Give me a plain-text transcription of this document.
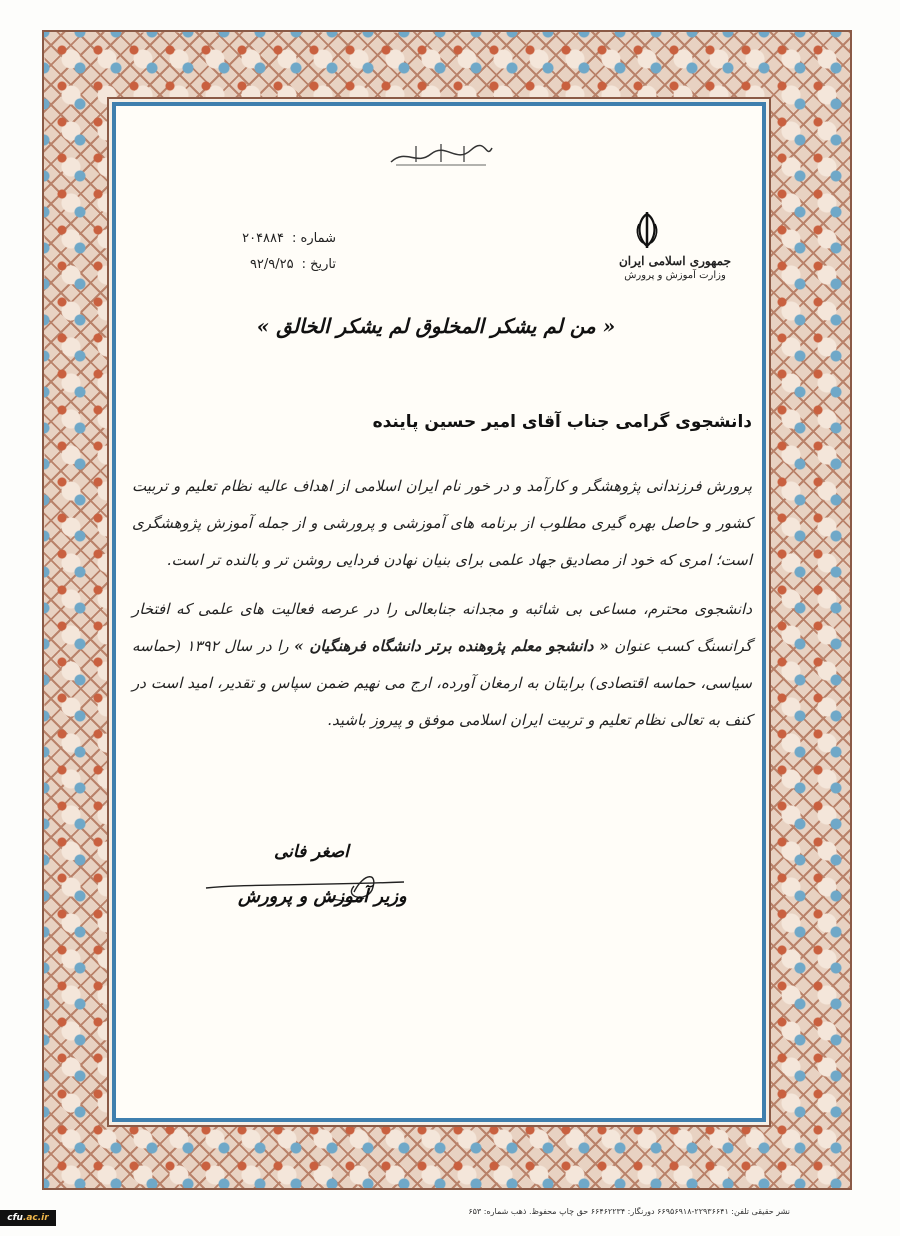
جمهوری اسلامی ایران
وزارت آموزش و پرورش
شماره :
۲۰۴۸۸۴
تاریخ :
۹۲/۹/۲۵
« من لم یشکر المخلوق لم یشکر الخالق »
دانشجوی گرامی جناب آقای امیر حسین پاینده

پرورش فرزندانی پژوهشگر و کارآمد و در خور نام ایران اسلامی از اهداف عالیه نظام تعلیم و تربیت کشور و حاصل بهره گیری مطلوب از برنامه های آموزشی و پرورشی و از جمله آموزش پژوهشگری است؛ امری که خود از مصادیق جهاد علمی برای بنیان نهادن فردایی روشن تر و بالنده تر است.

دانشجوی محترم، مساعی بی شائبه و مجدانه جنابعالی را در عرصه فعالیت های علمی که افتخار گرانسنگ کسب عنوان « دانشجو معلم پژوهنده برتر دانشگاه فرهنگیان » را در سال ۱۳۹۲ (حماسه سیاسی، حماسه اقتصادی) برایتان به ارمغان آورده، ارج می نهیم ضمن سپاس و تقدیر، امید است در کنف به تعالی نظام تعلیم و تربیت ایران اسلامی موفق و پیروز باشید.

اصغر فانی
وزیر آموزش و پرورش
نشر حقیقی تلفن: ۲۲۹۳۶۶۴۱-۶۶۹۵۶۹۱۸ دورنگار: ۶۶۴۶۲۲۳۴ حق چاپ محفوظ. ذهب شماره: ۶۵۳
cfu.ac.ir
